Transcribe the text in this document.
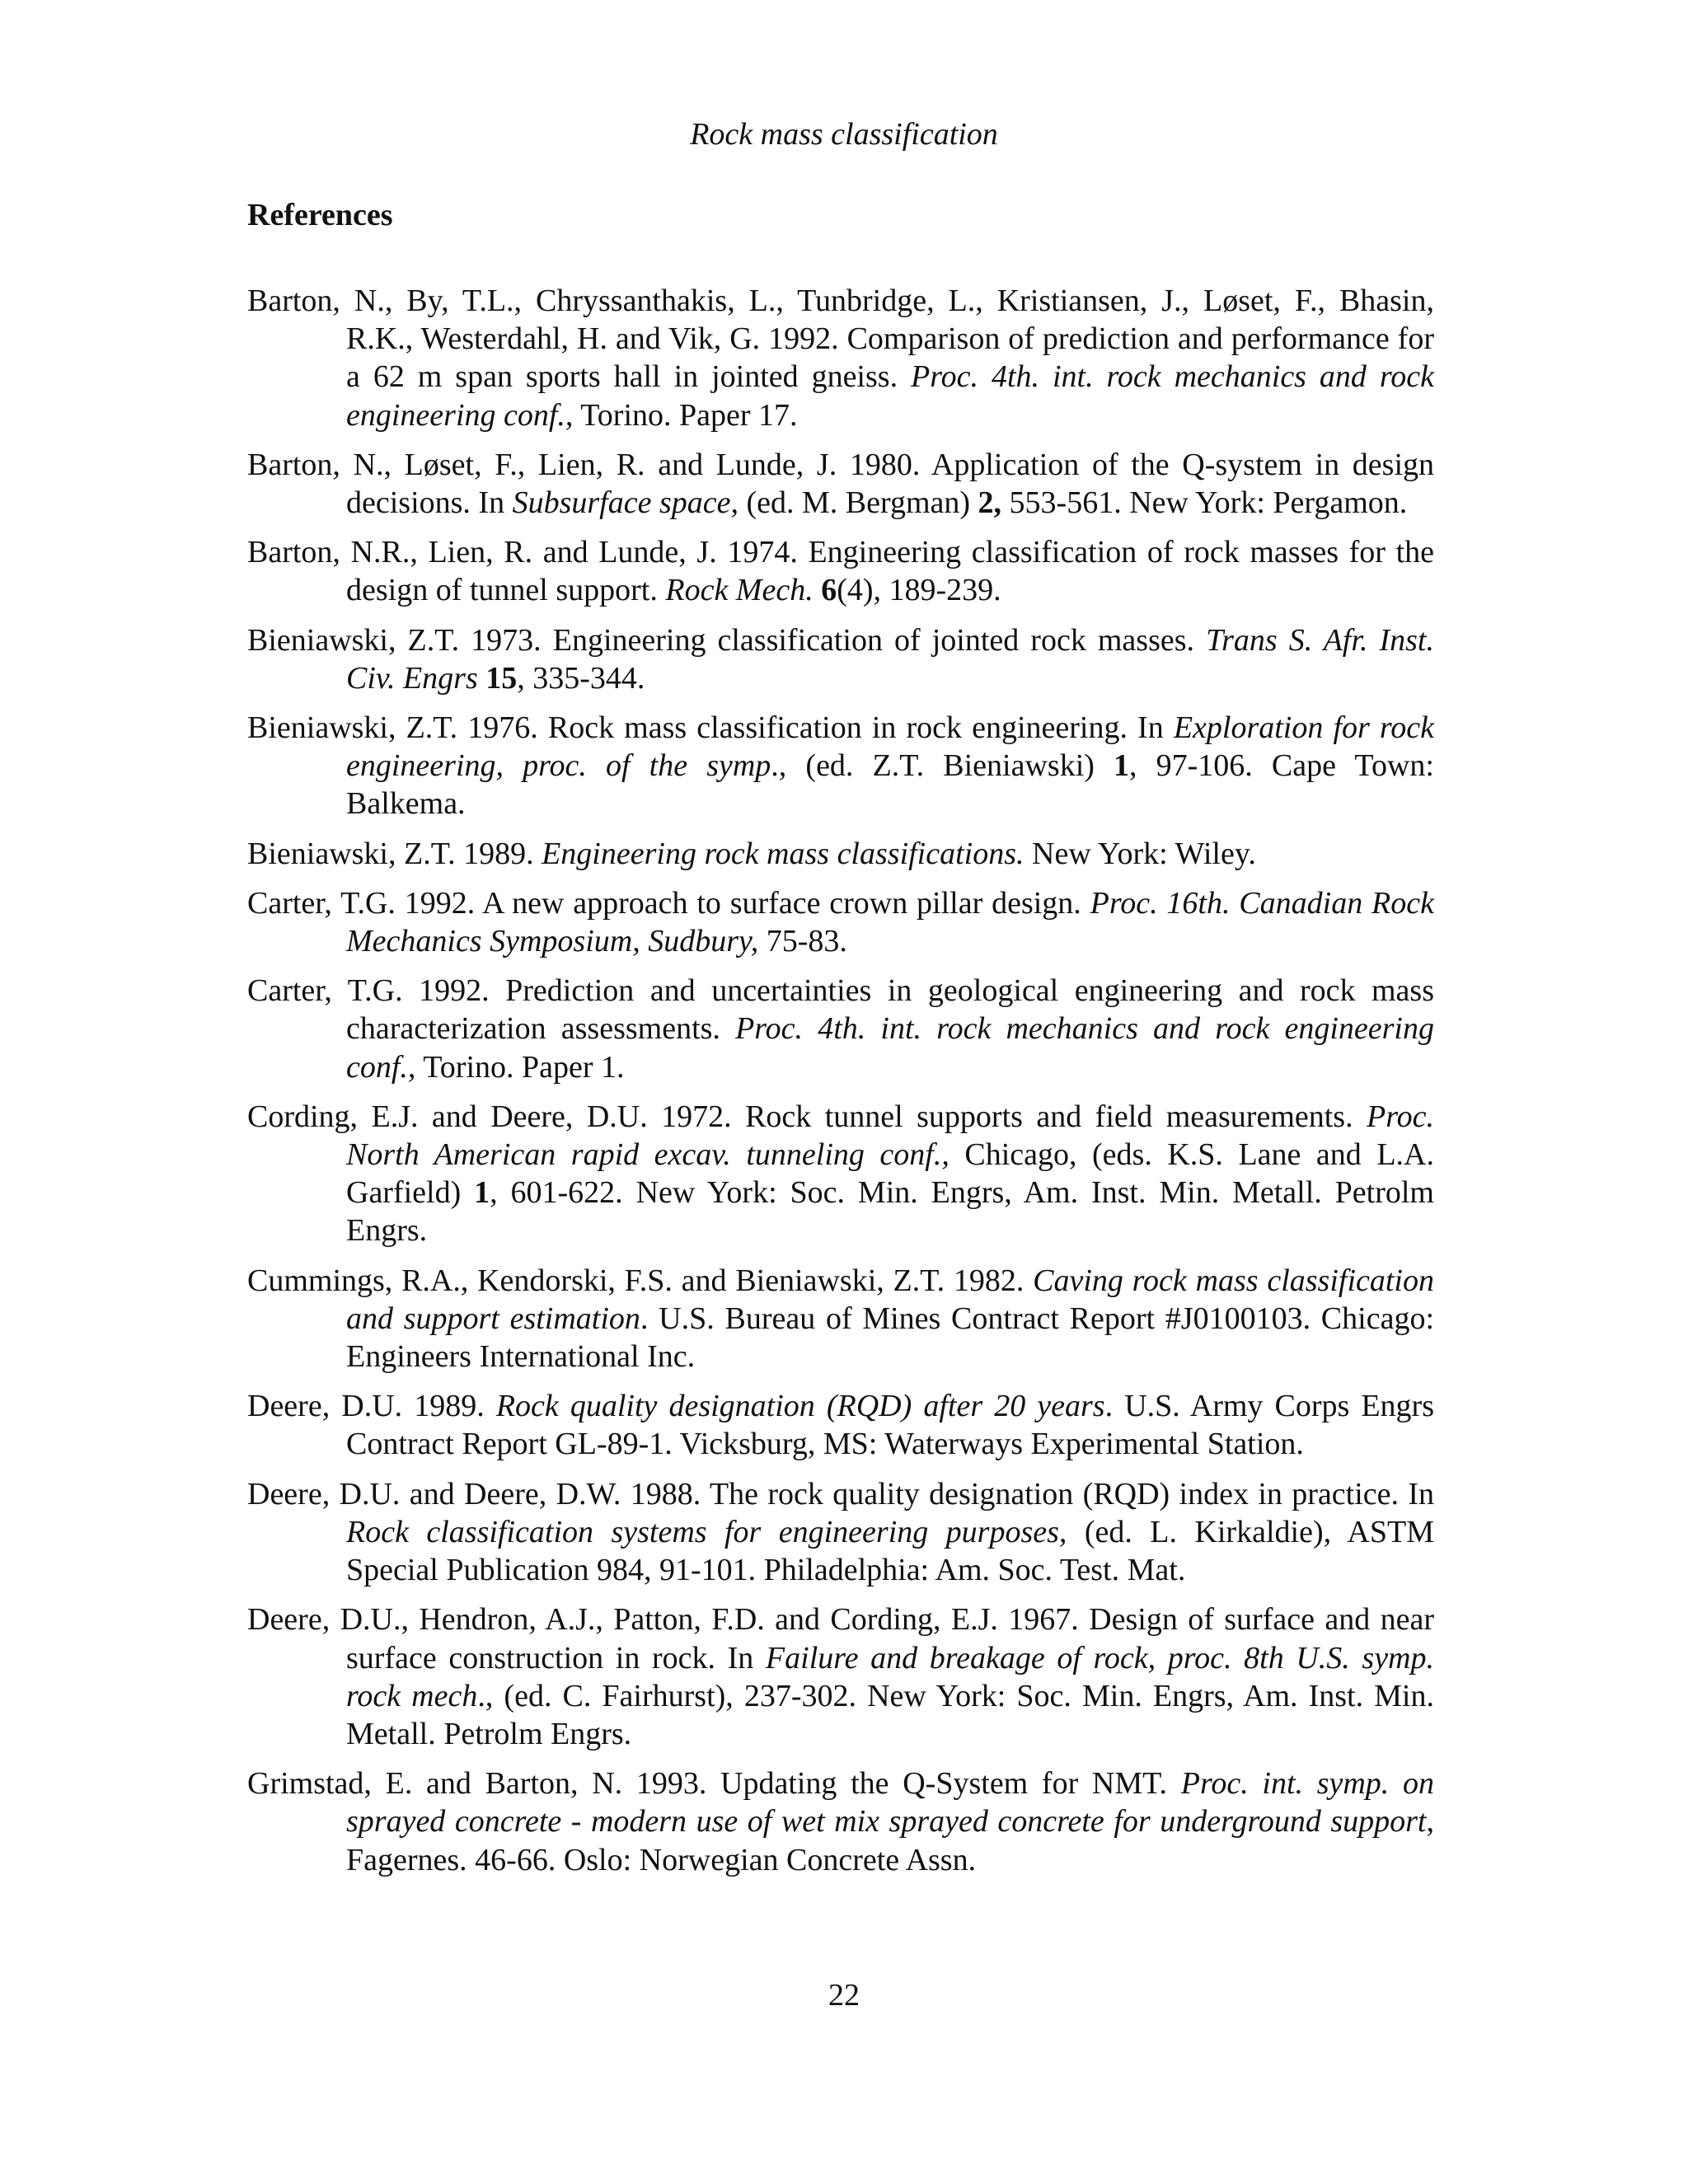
Rock mass classification
References
Barton, N., By, T.L., Chryssanthakis, L., Tunbridge, L., Kristiansen, J., Løset, F., Bhasin, R.K., Westerdahl, H. and Vik, G. 1992. Comparison of prediction and performance for a 62 m span sports hall in jointed gneiss. Proc. 4th. int. rock mechanics and rock engineering conf., Torino. Paper 17.
Barton, N., Løset, F., Lien, R. and Lunde, J. 1980. Application of the Q-system in design decisions. In Subsurface space, (ed. M. Bergman) 2, 553-561. New York: Pergamon.
Barton, N.R., Lien, R. and Lunde, J. 1974. Engineering classification of rock masses for the design of tunnel support. Rock Mech. 6(4), 189-239.
Bieniawski, Z.T. 1973. Engineering classification of jointed rock masses. Trans S. Afr. Inst. Civ. Engrs 15, 335-344.
Bieniawski, Z.T. 1976. Rock mass classification in rock engineering. In Exploration for rock engineering, proc. of the symp., (ed. Z.T. Bieniawski) 1, 97-106. Cape Town: Balkema.
Bieniawski, Z.T. 1989. Engineering rock mass classifications. New York: Wiley.
Carter, T.G. 1992. A new approach to surface crown pillar design. Proc. 16th. Canadian Rock Mechanics Symposium, Sudbury, 75-83.
Carter, T.G. 1992. Prediction and uncertainties in geological engineering and rock mass characterization assessments. Proc. 4th. int. rock mechanics and rock engineering conf., Torino. Paper 1.
Cording, E.J. and Deere, D.U. 1972. Rock tunnel supports and field measurements. Proc. North American rapid excav. tunneling conf., Chicago, (eds. K.S. Lane and L.A. Garfield) 1, 601-622. New York: Soc. Min. Engrs, Am. Inst. Min. Metall. Petrolm Engrs.
Cummings, R.A., Kendorski, F.S. and Bieniawski, Z.T. 1982. Caving rock mass classification and support estimation. U.S. Bureau of Mines Contract Report #J0100103. Chicago: Engineers International Inc.
Deere, D.U. 1989. Rock quality designation (RQD) after 20 years. U.S. Army Corps Engrs Contract Report GL-89-1. Vicksburg, MS: Waterways Experimental Station.
Deere, D.U. and Deere, D.W. 1988. The rock quality designation (RQD) index in practice. In Rock classification systems for engineering purposes, (ed. L. Kirkaldie), ASTM Special Publication 984, 91-101. Philadelphia: Am. Soc. Test. Mat.
Deere, D.U., Hendron, A.J., Patton, F.D. and Cording, E.J. 1967. Design of surface and near surface construction in rock. In Failure and breakage of rock, proc. 8th U.S. symp. rock mech., (ed. C. Fairhurst), 237-302. New York: Soc. Min. Engrs, Am. Inst. Min. Metall. Petrolm Engrs.
Grimstad, E. and Barton, N. 1993. Updating the Q-System for NMT. Proc. int. symp. on sprayed concrete - modern use of wet mix sprayed concrete for underground support, Fagernes. 46-66. Oslo: Norwegian Concrete Assn.
22
